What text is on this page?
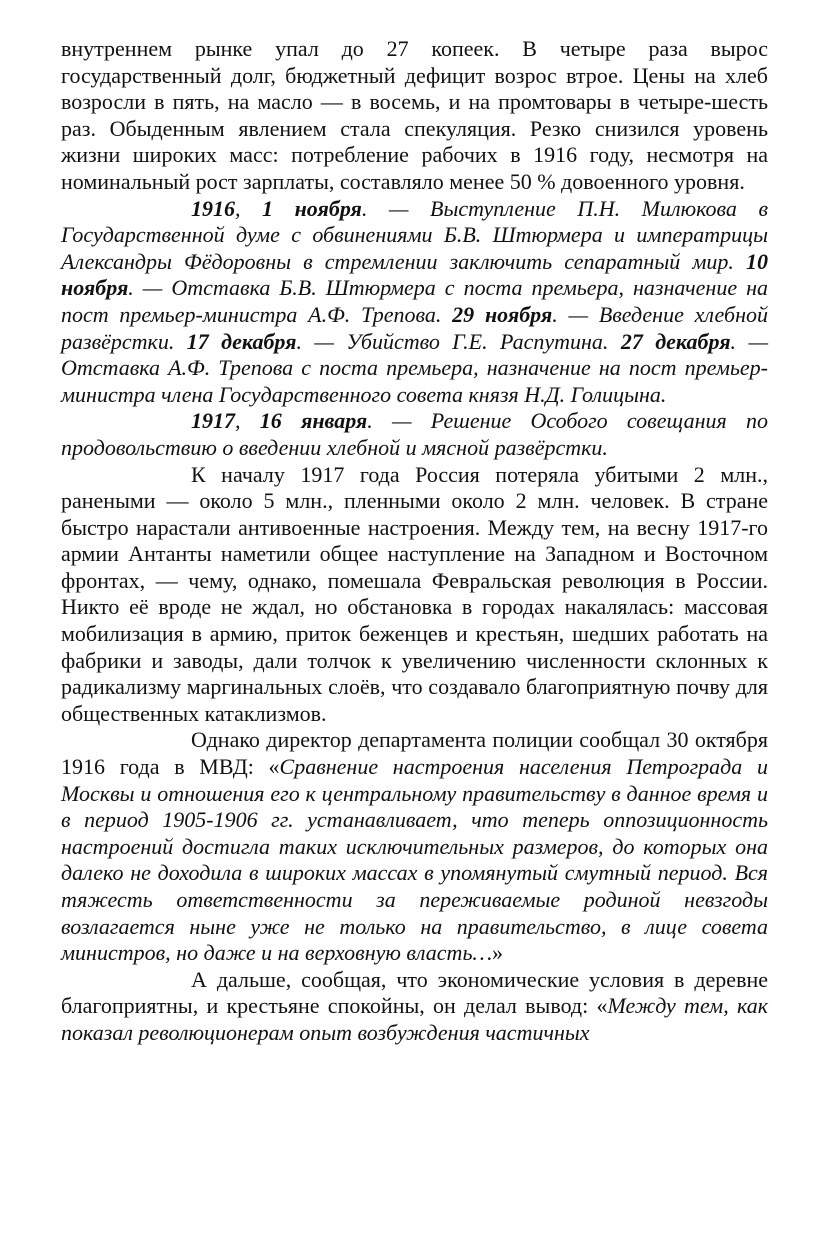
внутреннем рынке упал до 27 копеек. В четыре раза вырос государственный долг, бюджетный дефицит возрос втрое. Цены на хлеб возросли в пять, на масло — в восемь, и на промтовары в четыре-шесть раз. Обыденным явлением стала спекуляция. Резко снизился уровень жизни широких масс: потребление рабочих в 1916 году, несмотря на номинальный рост зарплаты, составляло менее 50 % довоенного уровня.

1916, 1 ноября. — Выступление П.Н. Милюкова в Государственной думе с обвинениями Б.В. Штюрмера и императрицы Александры Фёдоровны в стремлении заключить сепаратный мир. 10 ноября. — Отставка Б.В. Штюрмера с поста премьера, назначение на пост премьер-министра А.Ф. Трепова. 29 ноября. — Введение хлебной развёрстки. 17 декабря. — Убийство Г.Е. Распутина. 27 декабря. — Отставка А.Ф. Трепова с поста премьера, назначение на пост премьер-министра члена Государственного совета князя Н.Д. Голицына.

1917, 16 января. — Решение Особого совещания по продовольствию о введении хлебной и мясной развёрстки.

К началу 1917 года Россия потеряла убитыми 2 млн., ранеными — около 5 млн., пленными около 2 млн. человек. В стране быстро нарастали антивоенные настроения. Между тем, на весну 1917-го армии Антанты наметили общее наступление на Западном и Восточном фронтах, — чему, однако, помешала Февральская революция в России. Никто её вроде не ждал, но обстановка в городах накалялась: массовая мобилизация в армию, приток беженцев и крестьян, шедших работать на фабрики и заводы, дали толчок к увеличению численности склонных к радикализму маргинальных слоёв, что создавало благоприятную почву для общественных катаклизмов.

Однако директор департамента полиции сообщал 30 октября 1916 года в МВД: «Сравнение настроения населения Петрограда и Москвы и отношения его к центральному правительству в данное время и в период 1905-1906 гг. устанавливает, что теперь оппозиционность настроений достигла таких исключительных размеров, до которых она далеко не доходила в широких массах в упомянутый смутный период. Вся тяжесть ответственности за переживаемые родиной невзгоды возлагается ныне уже не только на правительство, в лице совета министров, но даже и на верховную власть…»

А дальше, сообщая, что экономические условия в деревне благоприятны, и крестьяне спокойны, он делал вывод: «Между тем, как показал революционерам опыт возбуждения частичных
